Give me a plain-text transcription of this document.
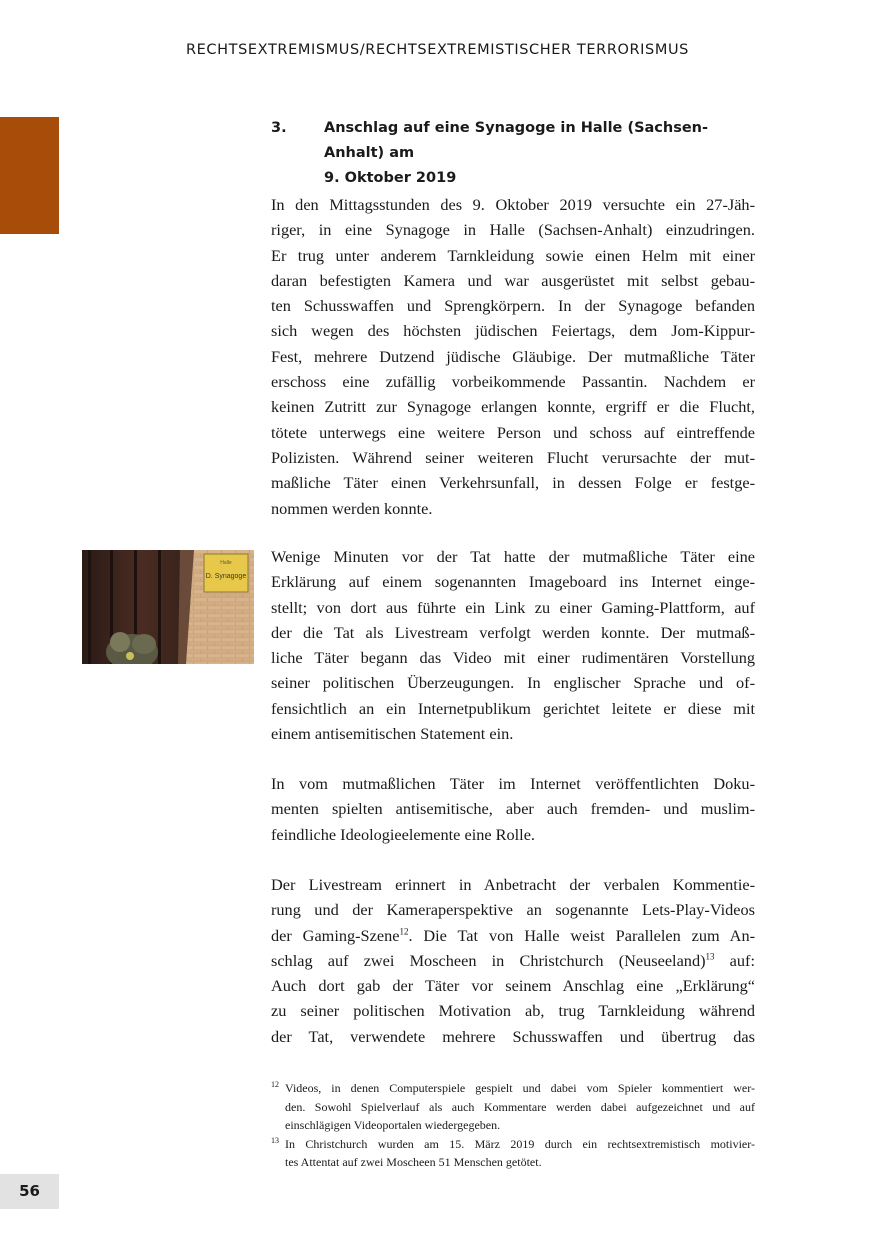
RECHTSEXTREMISMUS/RECHTSEXTREMISTISCHER TERRORISMUS
3.	Anschlag auf eine Synagoge in Halle (Sachsen-Anhalt) am
9. Oktober 2019

In den Mittagsstunden des 9. Oktober 2019 versuchte ein 27-Jäh-
riger, in eine Synagoge in Halle (Sachsen-Anhalt) einzudringen.
Er trug unter anderem Tarnkleidung sowie einen Helm mit einer
daran befestigten Kamera und war ausgerüstet mit selbst gebau-
ten Schusswaffen und Sprengkörpern. In der Synagoge befanden
sich wegen des höchsten jüdischen Feiertags, dem Jom-Kippur-
Fest, mehrere Dutzend jüdische Gläubige. Der mutmaßliche Täter
erschoss eine zufällig vorbeikommende Passantin. Nachdem er
keinen Zutritt zur Synagoge erlangen konnte, ergriff er die Flucht,
tötete unterwegs eine weitere Person und schoss auf eintreffende
Polizisten. Während seiner weiteren Flucht verursachte der mut-
maßliche Täter einen Verkehrsunfall, in dessen Folge er festge-
nommen werden konnte.

D. Synagoge
Halle Wenige Minuten vor der Tat hatte der mutmaßliche Täter eine
Erklärung auf einem sogenannten Imageboard ins Internet einge-
stellt; von dort aus führte ein Link zu einer Gaming-Plattform, auf
der die Tat als Livestream verfolgt werden konnte. Der mutmaß-
liche Täter begann das Video mit einer rudimentären Vorstellung
seiner politischen Überzeugungen. In englischer Sprache und of-
fensichtlich an ein Internetpublikum gerichtet leitete er diese mit
einem antisemitischen Statement ein.

In vom mutmaßlichen Täter im Internet veröffentlichten Doku-
menten spielten antisemitische, aber auch fremden- und muslim-
feindliche Ideologieelemente eine Rolle.

Der Livestream erinnert in Anbetracht der verbalen Kommentie-
rung und der Kameraperspektive an sogenannte Lets-Play-Videos
der Gaming-Szene$^{12}$. Die Tat von Halle weist Parallelen zum An-
schlag auf zwei Moscheen in Christchurch (Neuseeland)$^{13}$ auf:
Auch dort gab der Täter vor seinem Anschlag eine „Erklärung“
zu seiner politischen Motivation ab, trug Tarnkleidung während
der Tat, verwendete mehrere Schusswaffen und übertrug das

12 Videos, in denen Computerspiele gespielt und dabei vom Spieler kommentiert wer-
den. Sowohl Spielverlauf als auch Kommentare werden dabei aufgezeichnet und auf
einschlägigen Videoportalen wiedergegeben.
13 In Christchurch wurden am 15. März 2019 durch ein rechtsextremistisch motivier-
tes Attentat auf zwei Moscheen 51 Menschen getötet.
56
